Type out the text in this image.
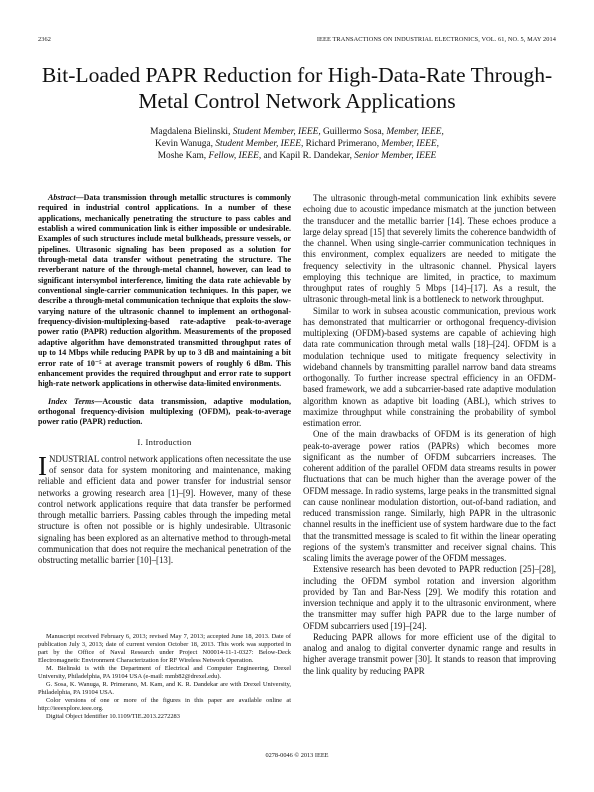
2362	IEEE TRANSACTIONS ON INDUSTRIAL ELECTRONICS, VOL. 61, NO. 5, MAY 2014
Bit-Loaded PAPR Reduction for High-Data-Rate Through-Metal Control Network Applications
Magdalena Bielinski, Student Member, IEEE, Guillermo Sosa, Member, IEEE,
Kevin Wanuga, Student Member, IEEE, Richard Primerano, Member, IEEE,
Moshe Kam, Fellow, IEEE, and Kapil R. Dandekar, Senior Member, IEEE

Abstract—Data transmission through metallic structures is commonly required in industrial control applications. In a number of these applications, mechanically penetrating the structure to pass cables and establish a wired communication link is either impossible or undesirable. Examples of such structures include metal bulkheads, pressure vessels, or pipelines. Ultrasonic signaling has been proposed as a solution for through-metal data transfer without penetrating the structure. The reverberant nature of the through-metal channel, however, can lead to significant intersymbol interference, limiting the data rate achievable by conventional single-carrier communication techniques. In this paper, we describe a through-metal communication technique that exploits the slow-varying nature of the ultrasonic channel to implement an orthogonal-frequency-division-multiplexing-based rate-adaptive peak-to-average power ratio (PAPR) reduction algorithm. Measurements of the proposed adaptive algorithm have demonstrated transmitted throughput rates of up to 14 Mbps while reducing PAPR by up to 3 dB and maintaining a bit error rate of 10⁻⁵ at average transmit powers of roughly 6 dBm. This enhancement provides the required throughput and error rate to support high-rate network applications in otherwise data-limited environments.

Index Terms—Acoustic data transmission, adaptive modulation, orthogonal frequency-division multiplexing (OFDM), peak-to-average power ratio (PAPR) reduction.

I. Introduction

INDUSTRIAL control network applications often necessitate the use of sensor data for system monitoring and maintenance, making reliable and efficient data and power transfer for industrial sensor networks a growing research area [1]–[9]. However, many of these control network applications require that data transfer be performed through metallic barriers. Passing cables through the impeding metal structure is often not possible or is highly undesirable. Ultrasonic signaling has been explored as an alternative method to through-metal communication that does not require the mechanical penetration of the obstructing metallic barrier [10]–[13].

Manuscript received February 6, 2013; revised May 7, 2013; accepted June 18, 2013. Date of publication July 3, 2013; date of current version October 18, 2013. This work was supported in part by the Office of Naval Research under Project N00014-11-1-0327: Below-Deck Electromagnetic Environment Characterization for RF Wireless Network Operation.

M. Bielinski is with the Department of Electrical and Computer Engineering, Drexel University, Philadelphia, PA 19104 USA (e-mail: mmb82@drexel.edu).

G. Sosa, K. Wanuga, R. Primerano, M. Kam, and K. R. Dandekar are with Drexel University, Philadelphia, PA 19104 USA.

Color versions of one or more of the figures in this paper are available online at http://ieeexplore.ieee.org.

Digital Object Identifier 10.1109/TIE.2013.2272283

The ultrasonic through-metal communication link exhibits severe echoing due to acoustic impedance mismatch at the junction between the transducer and the metallic barrier [14]. These echoes produce a large delay spread [15] that severely limits the coherence bandwidth of the channel. When using single-carrier communication techniques in this environment, complex equalizers are needed to mitigate the frequency selectivity in the ultrasonic channel. Physical layers employing this technique are limited, in practice, to maximum throughput rates of roughly 5 Mbps [14]–[17]. As a result, the ultrasonic through-metal link is a bottleneck to network throughput.

Similar to work in subsea acoustic communication, previous work has demonstrated that multicarrier or orthogonal frequency-division multiplexing (OFDM)-based systems are capable of achieving high data rate communication through metal walls [18]–[24]. OFDM is a modulation technique used to mitigate frequency selectivity in wideband channels by transmitting parallel narrow band data streams orthogonally. To further increase spectral efficiency in an OFDM-based framework, we add a subcarrier-based rate adaptive modulation algorithm known as adaptive bit loading (ABL), which strives to maximize throughput while constraining the probability of symbol estimation error.

One of the main drawbacks of OFDM is its generation of high peak-to-average power ratios (PAPRs) which becomes more significant as the number of OFDM subcarriers increases. The coherent addition of the parallel OFDM data streams results in power fluctuations that can be much higher than the average power of the OFDM message. In radio systems, large peaks in the transmitted signal can cause nonlinear modulation distortion, out-of-band radiation, and reduced transmission range. Similarly, high PAPR in the ultrasonic channel results in the inefficient use of system hardware due to the fact that the transmitted message is scaled to fit within the linear operating regions of the system's transmitter and receiver signal chains. This scaling limits the average power of the OFDM messages.

Extensive research has been devoted to PAPR reduction [25]–[28], including the OFDM symbol rotation and inversion algorithm provided by Tan and Bar-Ness [29]. We modify this rotation and inversion technique and apply it to the ultrasonic environment, where the transmitter may suffer high PAPR due to the large number of OFDM subcarriers used [19]–[24].

Reducing PAPR allows for more efficient use of the digital to analog and analog to digital converter dynamic range and results in higher average transmit power [30]. It stands to reason that improving the link quality by reducing PAPR

0278-0046 © 2013 IEEE
